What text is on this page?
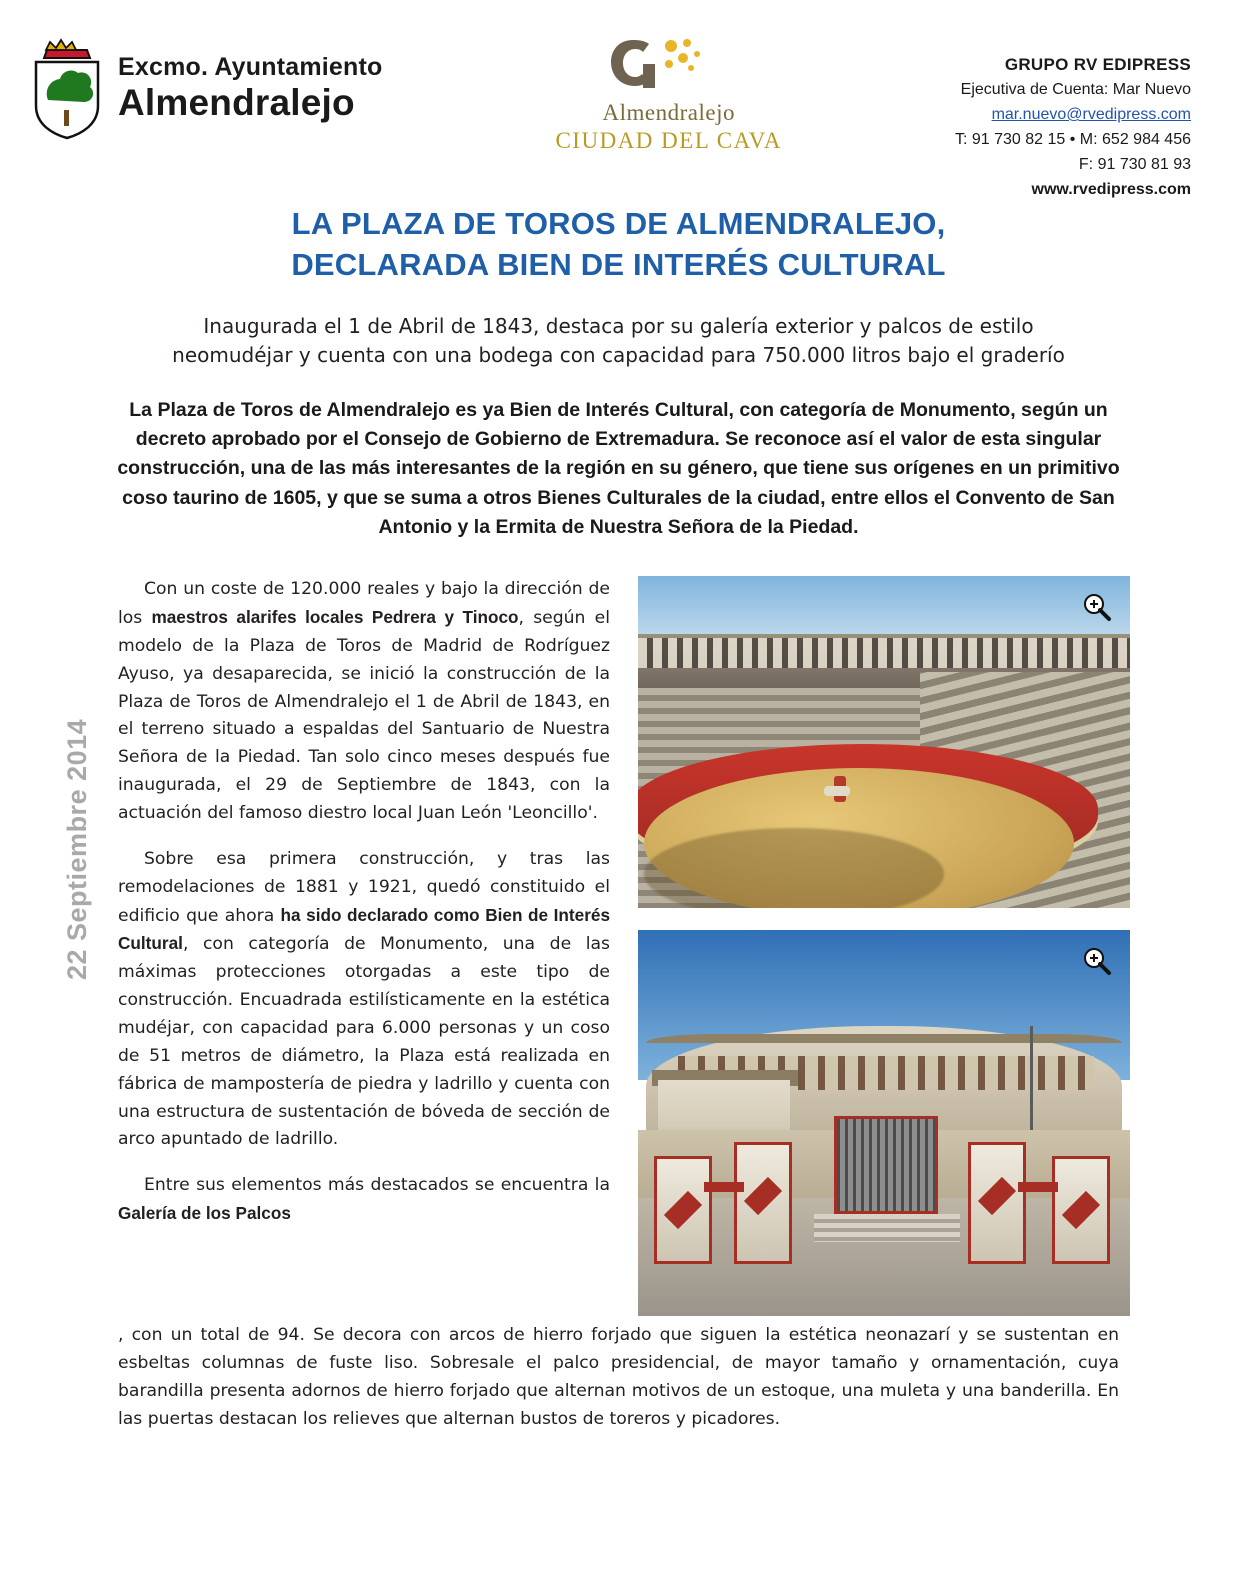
Excmo. Ayuntamiento
Almendralejo	Almendralejo
CIUDAD DEL CAVA
GRUPO RV EDIPRESS
Ejecutiva de Cuenta: Mar Nuevo
mar.nuevo@rvedipress.com
T: 91 730 82 15 • M: 652 984 456
F: 91 730 81 93
www.rvedipress.com
LA PLAZA DE TOROS DE ALMENDRALEJO,
DECLARADA BIEN DE INTERÉS CULTURAL
Inaugurada el 1 de Abril de 1843, destaca por su galería exterior y palcos de estilo neomudéjar y cuenta con una bodega con capacidad para 750.000 litros bajo el graderío
La Plaza de Toros de Almendralejo es ya Bien de Interés Cultural, con categoría de Monumento, según un decreto aprobado por el Consejo de Gobierno de Extremadura. Se reconoce así el valor de esta singular construcción, una de las más interesantes de la región en su género, que tiene sus orígenes en un primitivo coso taurino de 1605, y que se suma a otros Bienes Culturales de la ciudad, entre ellos el Convento de San Antonio y la Ermita de Nuestra Señora de la Piedad.
22 Septiembre 2014

Con un coste de 120.000 reales y bajo la dirección de los maestros alarifes locales Pedrera y Tinoco, según el modelo de la Plaza de Toros de Madrid de Rodríguez Ayuso, ya desaparecida, se inició la construcción de la Plaza de Toros de Almendralejo el 1 de Abril de 1843, en el terreno situado a espaldas del Santuario de Nuestra Señora de la Piedad. Tan solo cinco meses después fue inaugurada, el 29 de Septiembre de 1843, con la actuación del famoso diestro local Juan León 'Leoncillo'.

Sobre esa primera construcción, y tras las remodelaciones de 1881 y 1921, quedó constituido el edificio que ahora ha sido declarado como Bien de Interés Cultural, con categoría de Monumento, una de las máximas protecciones otorgadas a este tipo de construcción. Encuadrada estilísticamente en la estética mudéjar, con capacidad para 6.000 personas y un coso de 51 metros de diámetro, la Plaza está realizada en fábrica de mampostería de piedra y ladrillo y cuenta con una estructura de sustentación de bóveda de sección de arco apuntado de ladrillo.

Entre sus elementos más destacados se encuentra la Galería de los Palcos

, con un total de 94. Se decora con arcos de hierro forjado que siguen la estética neonazarí y se sustentan en esbeltas columnas de fuste liso. Sobresale el palco presidencial, de mayor tamaño y ornamentación, cuya barandilla presenta adornos de hierro forjado que alternan motivos de un estoque, una muleta y una banderilla. En las puertas destacan los relieves que alternan bustos de toreros y picadores.
